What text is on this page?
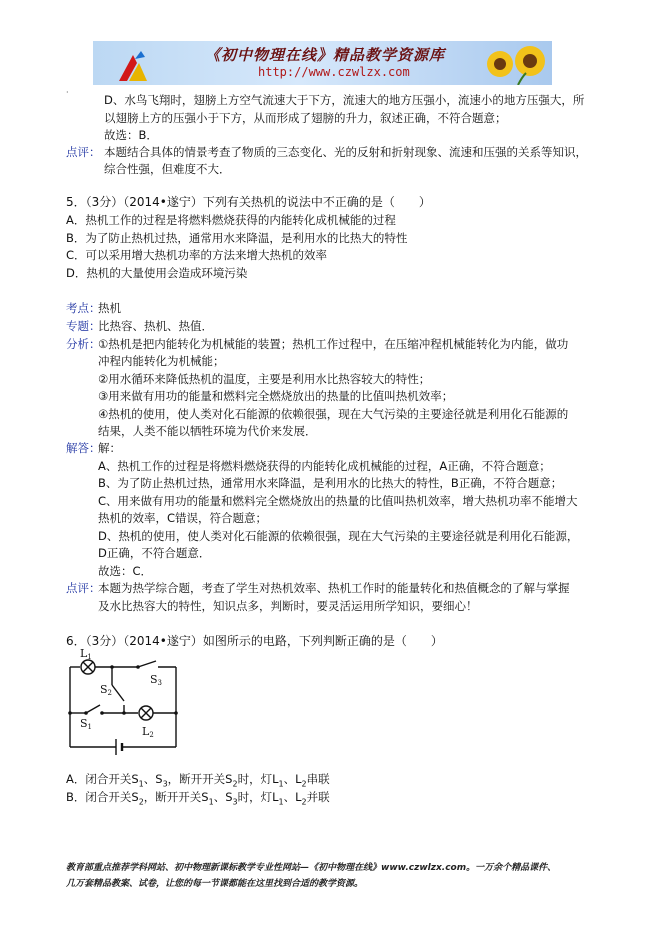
《初中物理在线》精品教学资源库
http://www.czwlzx.com
·
D、水鸟飞翔时，翅膀上方空气流速大于下方，流速大的地方压强小，流速小的地方压强大，所
以翅膀上方的压强小于下方，从而形成了翅膀的升力，叙述正确，不符合题意；
故选：B．
点评： 本题结合具体的情景考查了物质的三态变化、光的反射和折射现象、流速和压强的关系等知识，
综合性强，但难度不大．
5．（3分）（2014•遂宁）下列有关热机的说法中不正确的是（　　）
A．热机工作的过程是将燃料燃烧获得的内能转化成机械能的过程
B．为了防止热机过热，通常用水来降温，是利用水的比热大的特性
C．可以采用增大热机功率的方法来增大热机的效率
D．热机的大量使用会造成环境污染
考点：
热机
专题：
比热容、热机、热值．
分析：
①热机是把内能转化为机械能的装置；热机工作过程中，在压缩冲程机械能转化为内能，做功
冲程内能转化为机械能；
②用水循环来降低热机的温度，主要是利用水比热容较大的特性；
③用来做有用功的能量和燃料完全燃烧放出的热量的比值叫热机效率；
④热机的使用，使人类对化石能源的依赖很强，现在大气污染的主要途径就是利用化石能源的
结果，人类不能以牺牲环境为代价来发展．
解答：
解：
A、热机工作的过程是将燃料燃烧获得的内能转化成机械能的过程，A正确，不符合题意；
B、为了防止热机过热，通常用水来降温，是利用水的比热大的特性，B正确，不符合题意；
C、用来做有用功的能量和燃料完全燃烧放出的热量的比值叫热机效率，增大热机功率不能增大
热机的效率，C错误，符合题意；
D、热机的使用，使人类对化石能源的依赖很强，现在大气污染的主要途径就是利用化石能源，
D正确，不符合题意．
故选：C．
点评：
本题为热学综合题，考查了学生对热机效率、热机工作时的能量转化和热值概念的了解与掌握
及水比热容大的特性，知识点多，判断时，要灵活运用所学知识，要细心！
6．（3分）（2014•遂宁）如图所示的电路，下列判断正确的是（　　）
L1
S3
S2
S1	L2
A．闭合开关$S_1$、$S_3$，断开开关$S_2$时，灯$L_1$、$L_2$串联
B．闭合开关$S_2$，断开开关$S_1$、$S_3$时，灯$L_1$、$L_2$并联
教育部重点推荐学科网站、初中物理新课标教学专业性网站—《初中物理在线》www.czwlzx.com。一万余个精品课件、
几万套精品教案、试卷，让您的每一节课都能在这里找到合适的教学资源。
